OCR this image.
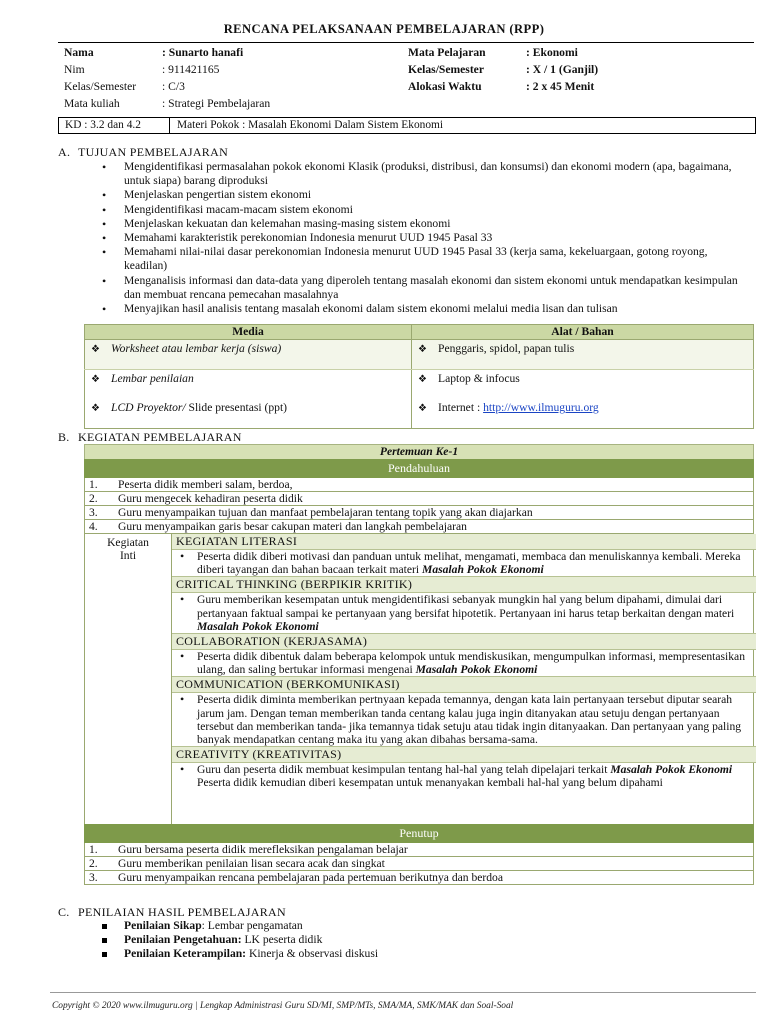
RENCANA PELAKSANAAN PEMBELAJARAN (RPP)
Nama	: Sunarto hanafi	Mata Pelajaran	: Ekonomi
Nim	: 911421165	Kelas/Semester	: X / 1 (Ganjil)
Kelas/Semester	: C/3	Alokasi Waktu	: 2 x 45 Menit
Mata kuliah	: Strategi Pembelajaran		
KD : 3.2 dan 4.2	Materi Pokok : Masalah Ekonomi Dalam Sistem Ekonomi
A. TUJUAN PEMBELAJARAN
• Mengidentifikasi permasalahan pokok ekonomi Klasik (produksi, distribusi, dan konsumsi) dan ekonomi modern (apa, bagaimana, untuk siapa) barang diproduksi
• Menjelaskan pengertian sistem ekonomi
• Mengidentifikasi macam-macam sistem ekonomi
• Menjelaskan kekuatan dan kelemahan masing-masing sistem ekonomi
• Memahami karakteristik perekonomian Indonesia menurut UUD 1945 Pasal 33
• Memahami nilai-nilai dasar perekonomian Indonesia menurut UUD 1945 Pasal 33 (kerja sama, kekeluargaan, gotong royong, keadilan)
• Menganalisis informasi dan data-data yang diperoleh tentang masalah ekonomi dan sistem ekonomi untuk mendapatkan kesimpulan dan membuat rencana pemecahan masalahnya
• Menyajikan hasil analisis tentang masalah ekonomi dalam sistem ekonomi melalui media lisan dan tulisan
Media	Alat / Bahan
❖ Worksheet atau lembar kerja (siswa)	❖ Penggaris, spidol, papan tulis
❖ Lembar penilaian	❖ Laptop & infocus
❖ LCD Proyektor/ Slide presentasi (ppt)	❖ Internet : http://www.ilmuguru.org
B. KEGIATAN PEMBELAJARAN
Pertemuan Ke-1
Pendahuluan
1.	Peserta didik memberi salam, berdoa,
2.	Guru mengecek kehadiran peserta didik
3.	Guru menyampaikan tujuan dan manfaat pembelajaran tentang topik yang akan diajarkan
4.	Guru menyampaikan garis besar cakupan materi dan langkah pembelajaran
Kegiatan
Inti
KEGIATAN LITERASI
• Peserta didik diberi motivasi dan panduan untuk melihat, mengamati, membaca dan menuliskannya kembali. Mereka diberi tayangan dan bahan bacaan terkait materi Masalah Pokok Ekonomi
CRITICAL THINKING (BERPIKIR KRITIK)
• Guru memberikan kesempatan untuk mengidentifikasi sebanyak mungkin hal yang belum dipahami, dimulai dari pertanyaan faktual sampai ke pertanyaan yang bersifat hipotetik. Pertanyaan ini harus tetap berkaitan dengan materi Masalah Pokok Ekonomi
COLLABORATION (KERJASAMA)
• Peserta didik dibentuk dalam beberapa kelompok untuk mendiskusikan, mengumpulkan informasi, mempresentasikan ulang, dan saling bertukar informasi mengenai Masalah Pokok Ekonomi
COMMUNICATION (BERKOMUNIKASI)
• Peserta didik diminta memberikan pertnyaan kepada temannya, dengan kata lain pertanyaan tersebut diputar searah jarum jam. Dengan teman memberikan tanda centang kalau juga ingin ditanyakan atau setuju dengan pertanyaan tersebut dan memberikan tanda- jika temannya tidak setuju atau tidak ingin ditanyaakan. Dan pertanyaan yang paling banyak mendapatkan centang maka itu yang akan dibahas bersama-sama.
CREATIVITY (KREATIVITAS)
• Guru dan peserta didik membuat kesimpulan tentang hal-hal yang telah dipelajari terkait Masalah Pokok Ekonomi Peserta didik kemudian diberi kesempatan untuk menanyakan kembali hal-hal yang belum dipahami
Penutup
1.	Guru bersama peserta didik merefleksikan pengalaman belajar
2.	Guru memberikan penilaian lisan secara acak dan singkat
3.	Guru menyampaikan rencana pembelajaran pada pertemuan berikutnya dan berdoa
C. PENILAIAN HASIL PEMBELAJARAN
Penilaian Sikap: Lembar pengamatan
Penilaian Pengetahuan: LK peserta didik
Penilaian Keterampilan: Kinerja & observasi diskusi
Copyright © 2020 www.ilmuguru.org | Lengkap Administrasi Guru SD/MI, SMP/MTs, SMA/MA, SMK/MAK dan Soal-Soal
